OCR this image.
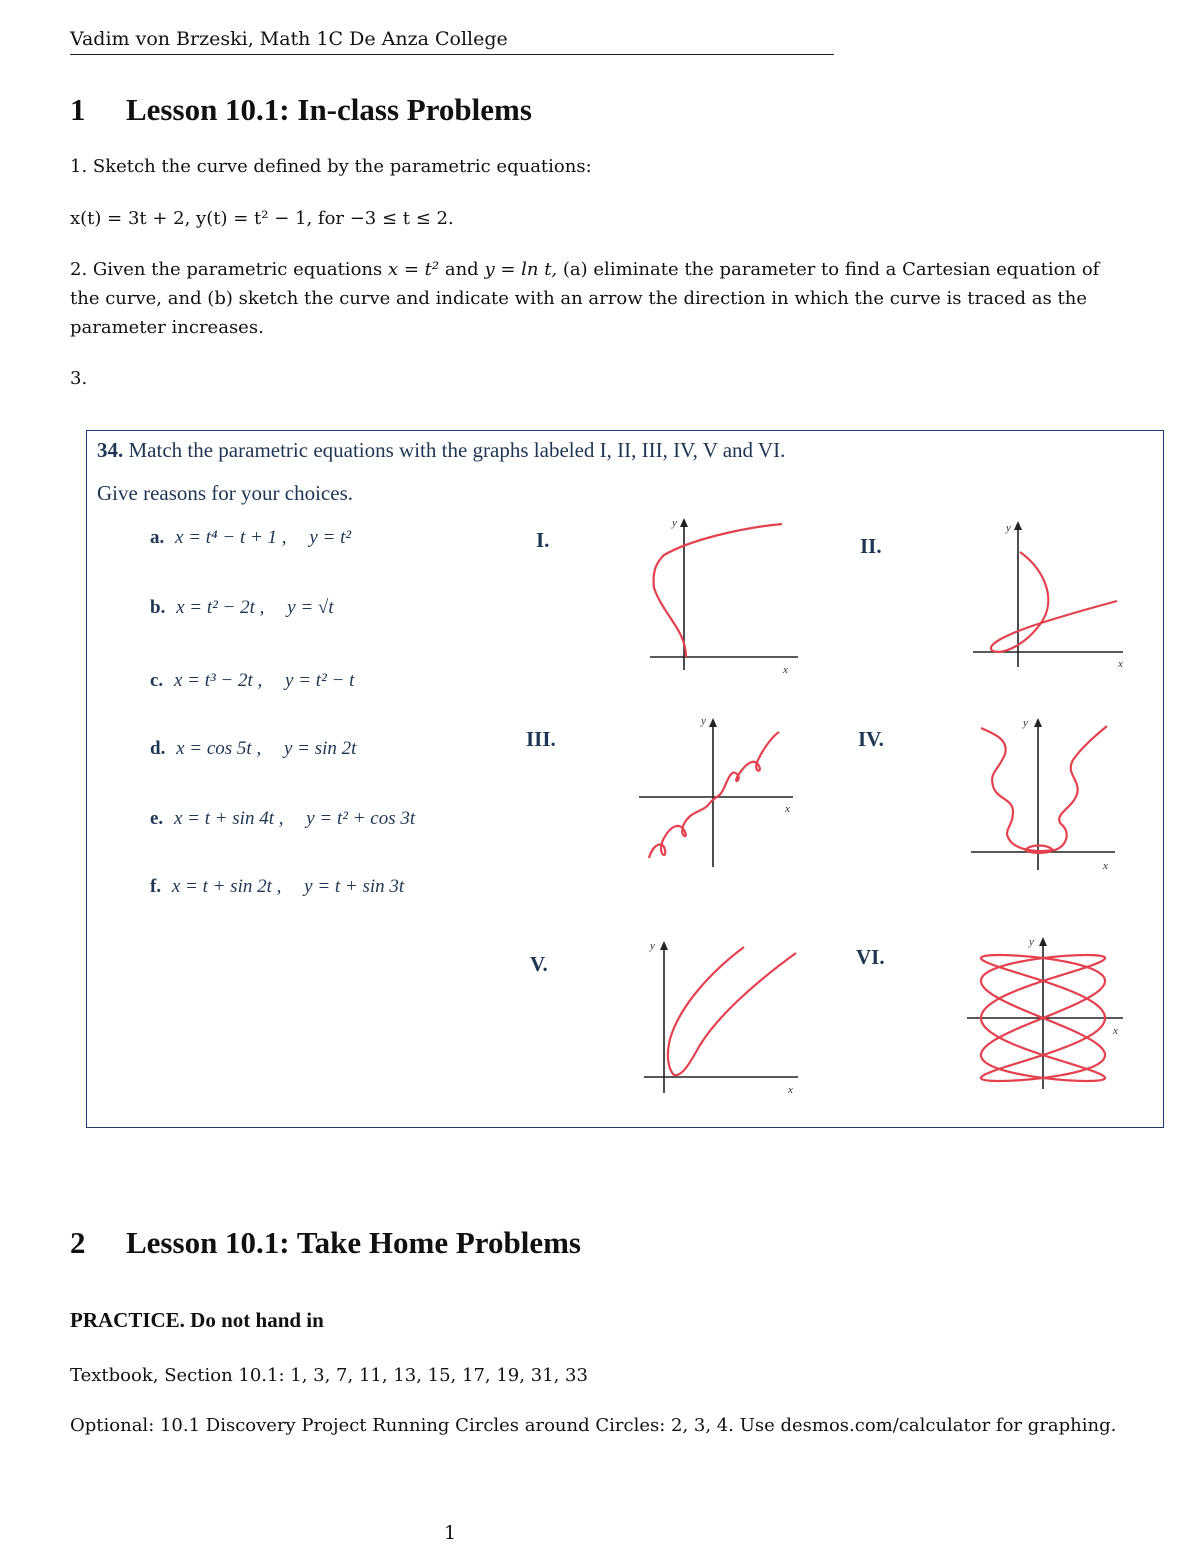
Vadim von Brzeski, Math 1C De Anza College
1 Lesson 10.1: In-class Problems
1. Sketch the curve defined by the parametric equations:
x(t) = 3t + 2, y(t) = t² − 1, for −3 ≤ t ≤ 2.
2. Given the parametric equations x = t² and y = ln t, (a) eliminate the parameter to find a Cartesian equation of the curve, and (b) sketch the curve and indicate with an arrow the direction in which the curve is traced as the parameter increases.
3.
34. Match the parametric equations with the graphs labeled I, II, III, IV, V and VI.
Give reasons for your choices.
a. x = t⁴ − t + 1 , y = t²
b. x = t² − 2t , y = √t
c. x = t³ − 2t , y = t² − t
d. x = cos 5t , y = sin 2t
e. x = t + sin 4t , y = t² + cos 3t
f. x = t + sin 2t , y = t + sin 3t
I.	II.
III.	IV.
V.	VI.
y
x
y
x
y
x
y
x
y
x
y
x
2 Lesson 10.1: Take Home Problems
PRACTICE. Do not hand in
Textbook, Section 10.1: 1, 3, 7, 11, 13, 15, 17, 19, 31, 33
Optional: 10.1 Discovery Project Running Circles around Circles: 2, 3, 4. Use desmos.com/calculator for graphing.
1
